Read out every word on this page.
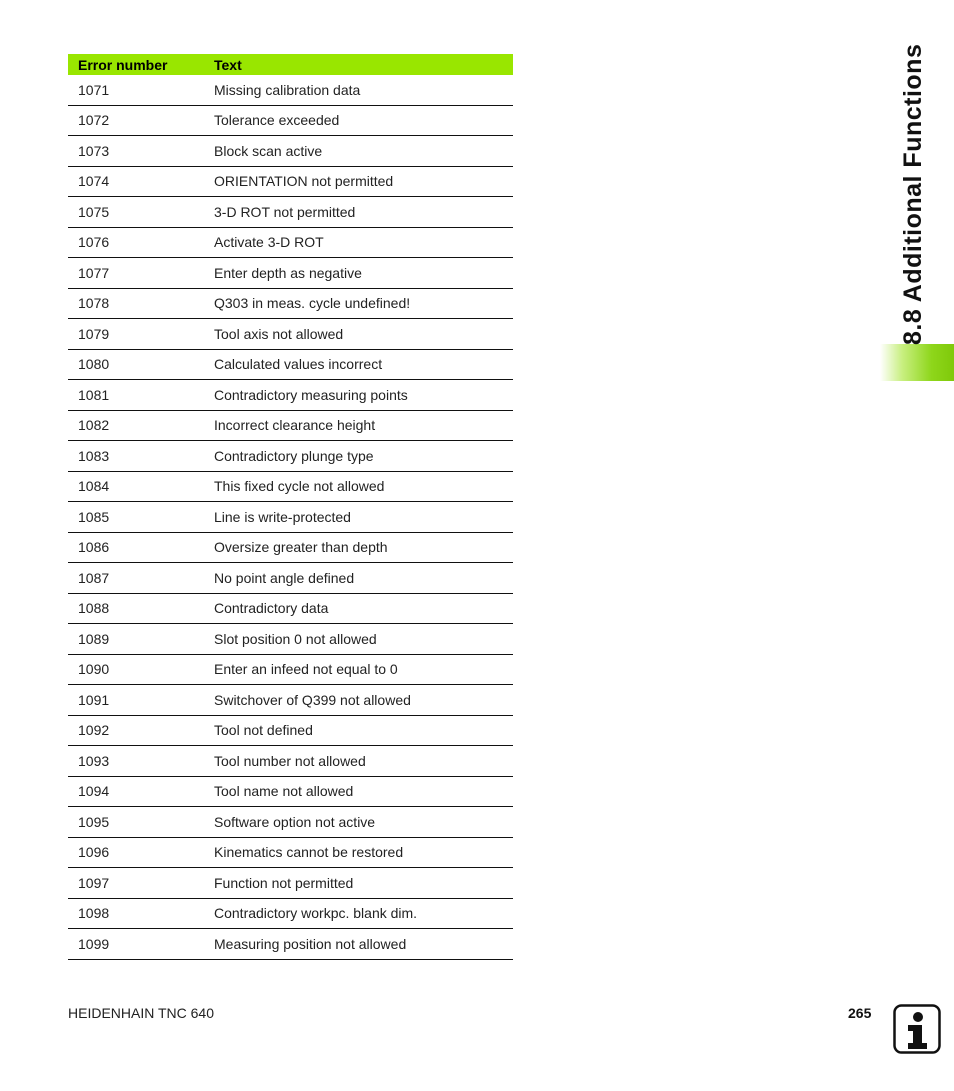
Error number	Text
1071	Missing calibration data
1072	Tolerance exceeded
1073	Block scan active
1074	ORIENTATION not permitted
1075	3-D ROT not permitted
1076	Activate 3-D ROT
1077	Enter depth as negative
1078	Q303 in meas. cycle undefined!
1079	Tool axis not allowed
1080	Calculated values incorrect
1081	Contradictory measuring points
1082	Incorrect clearance height
1083	Contradictory plunge type
1084	This fixed cycle not allowed
1085	Line is write-protected
1086	Oversize greater than depth
1087	No point angle defined
1088	Contradictory data
1089	Slot position 0 not allowed
1090	Enter an infeed not equal to 0
1091	Switchover of Q399 not allowed
1092	Tool not defined
1093	Tool number not allowed
1094	Tool name not allowed
1095	Software option not active
1096	Kinematics cannot be restored
1097	Function not permitted
1098	Contradictory workpc. blank dim.
1099	Measuring position not allowed
8.8 Additional Functions
HEIDENHAIN TNC 640	265
